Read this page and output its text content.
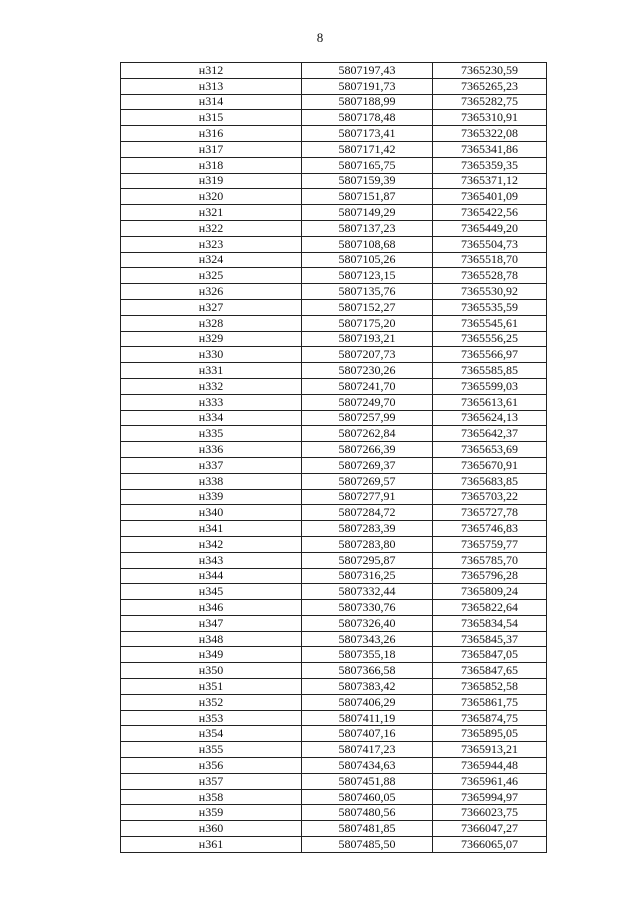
8
н312	5807197,43	7365230,59
н313	5807191,73	7365265,23
н314	5807188,99	7365282,75
н315	5807178,48	7365310,91
н316	5807173,41	7365322,08
н317	5807171,42	7365341,86
н318	5807165,75	7365359,35
н319	5807159,39	7365371,12
н320	5807151,87	7365401,09
н321	5807149,29	7365422,56
н322	5807137,23	7365449,20
н323	5807108,68	7365504,73
н324	5807105,26	7365518,70
н325	5807123,15	7365528,78
н326	5807135,76	7365530,92
н327	5807152,27	7365535,59
н328	5807175,20	7365545,61
н329	5807193,21	7365556,25
н330	5807207,73	7365566,97
н331	5807230,26	7365585,85
н332	5807241,70	7365599,03
н333	5807249,70	7365613,61
н334	5807257,99	7365624,13
н335	5807262,84	7365642,37
н336	5807266,39	7365653,69
н337	5807269,37	7365670,91
н338	5807269,57	7365683,85
н339	5807277,91	7365703,22
н340	5807284,72	7365727,78
н341	5807283,39	7365746,83
н342	5807283,80	7365759,77
н343	5807295,87	7365785,70
н344	5807316,25	7365796,28
н345	5807332,44	7365809,24
н346	5807330,76	7365822,64
н347	5807326,40	7365834,54
н348	5807343,26	7365845,37
н349	5807355,18	7365847,05
н350	5807366,58	7365847,65
н351	5807383,42	7365852,58
н352	5807406,29	7365861,75
н353	5807411,19	7365874,75
н354	5807407,16	7365895,05
н355	5807417,23	7365913,21
н356	5807434,63	7365944,48
н357	5807451,88	7365961,46
н358	5807460,05	7365994,97
н359	5807480,56	7366023,75
н360	5807481,85	7366047,27
н361	5807485,50	7366065,07
